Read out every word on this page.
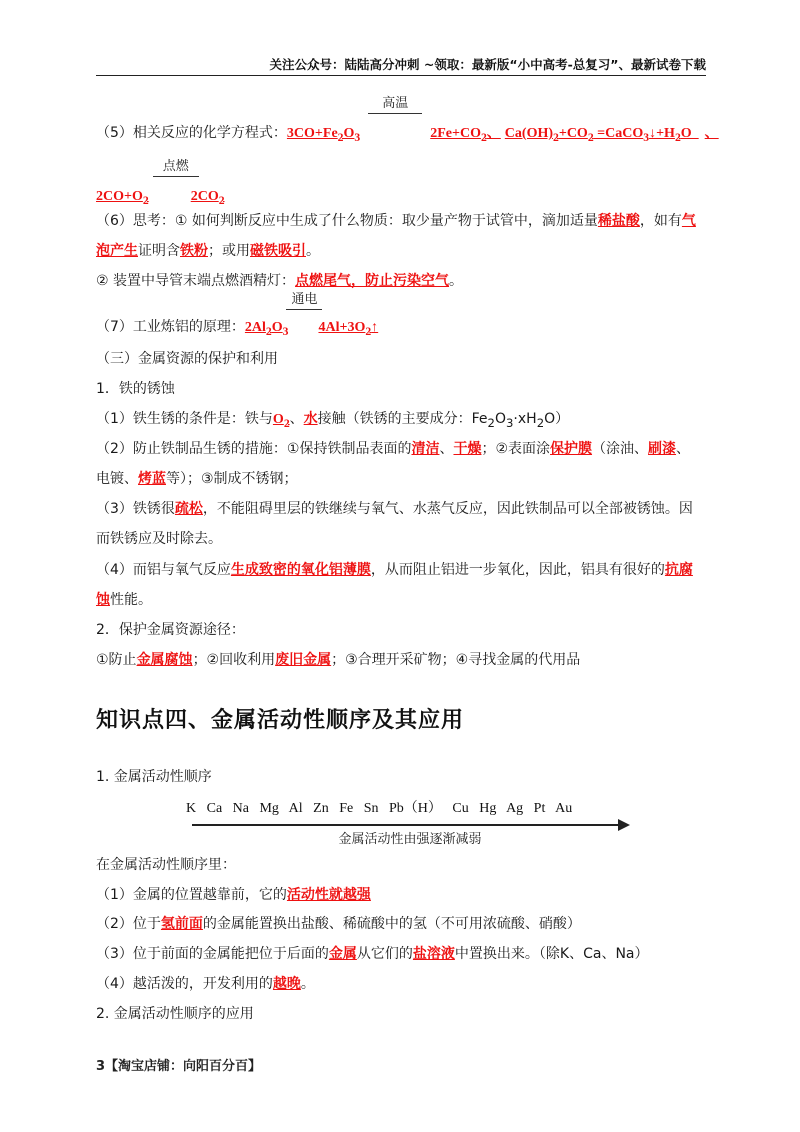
关注公众号：陆陆高分冲刺 ~领取：最新版“小中高考-总复习”、最新试卷下载
（5）相关反应的化学方程式：$3CO+Fe_2O_3$
高温
$2Fe+CO_2$、 $Ca(OH)_2+CO_2$ $=CaCO_3↓+H_2O$  、
$2CO+O_2$
点燃
$2CO_2$
（6）思考：① 如何判断反应中生成了什么物质：取少量产物于试管中，滴加适量稀盐酸，如有气
泡产生证明含铁粉；或用磁铁吸引。
② 装置中导管末端点燃酒精灯：点燃尾气，防止污染空气。
（7）工业炼铝的原理：$2Al_2O_3$
通电
$4Al+3O_2↑$
（三）金属资源的保护和利用
1．铁的锈蚀
（1）铁生锈的条件是：铁与$O_2$、水接触（铁锈的主要成分：$Fe_2O_3\cdot xH_2O$）
（2）防止铁制品生锈的措施：①保持铁制品表面的清洁、干燥；②表面涂保护膜（涂油、刷漆、
电镀、烤蓝等）；③制成不锈钢；
（3）铁锈很疏松，不能阻碍里层的铁继续与氧气、水蒸气反应，因此铁制品可以全部被锈蚀。因
而铁锈应及时除去。
（4）而铝与氧气反应生成致密的氧化铝薄膜，从而阻止铝进一步氧化，因此，铝具有很好的抗腐
蚀性能。
2．保护金属资源途径：
①防止金属腐蚀；②回收利用废旧金属；③合理开采矿物；④寻找金属的代用品
知识点四、金属活动性顺序及其应用
1. 金属活动性顺序
K Ca Na Mg Al Zn Fe Sn Pb（H） Cu Hg Ag Pt Au
金属活动性由强逐渐减弱
在金属活动性顺序里：
（1）金属的位置越靠前，它的活动性就越强
（2）位于氢前面的金属能置换出盐酸、稀硫酸中的氢（不可用浓硫酸、硝酸）
（3）位于前面的金属能把位于后面的金属从它们的盐溶液中置换出来。（除K、Ca、Na）
（4）越活泼的，开发利用的越晚。
2. 金属活动性顺序的应用
3【淘宝店铺：向阳百分百】
